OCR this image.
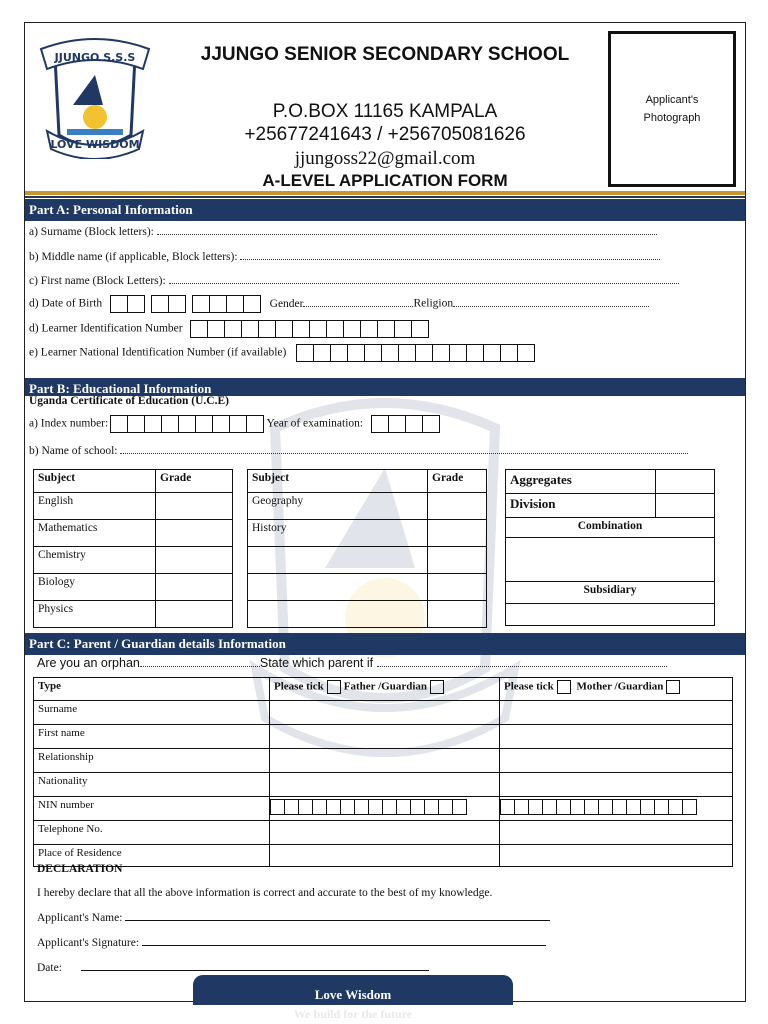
JJUNGO S.S.S
LOVE WISDOM
JJUNGO SENIOR SECONDARY SCHOOL
P.O.BOX 11165 KAMPALA
+25677241643 / +256705081626
jjungoss22@gmail.com
A-LEVEL APPLICATION FORM
Applicant's Photograph
Part A: Personal Information
a) Surname (Block letters):
b) Middle name (if applicable, Block letters):
c) First name (Block Letters):
d) Date of Birth

	Gender	Religion
d) Learner Identification Number
e) Learner National Identification Number (if available)
Part B: Educational Information
Uganda Certificate of Education (U.C.E)
a) Index number:	Year of examination:
b) Name of school:
Subject	Grade
English	
Mathematics	
Chemistry	
Biology	
Physics	
Subject	Grade
Geography	
History	

Aggregates	
Division	
Combination	

Subsidiary	

Part C: Parent / Guardian details Information
Are you an orphan	State which parent if
Type	Please tick Father /Guardian	Please tick Mother /Guardian
Surname		
First name		
Relationship		
Nationality		
NIN number	

Telephone No.		
Place of Residence		
DECLARATION
I hereby declare that all the above information is correct and accurate to the best of my knowledge.
Applicant's Name:
Applicant's Signature:
Date:
Love Wisdom
We build for the future
